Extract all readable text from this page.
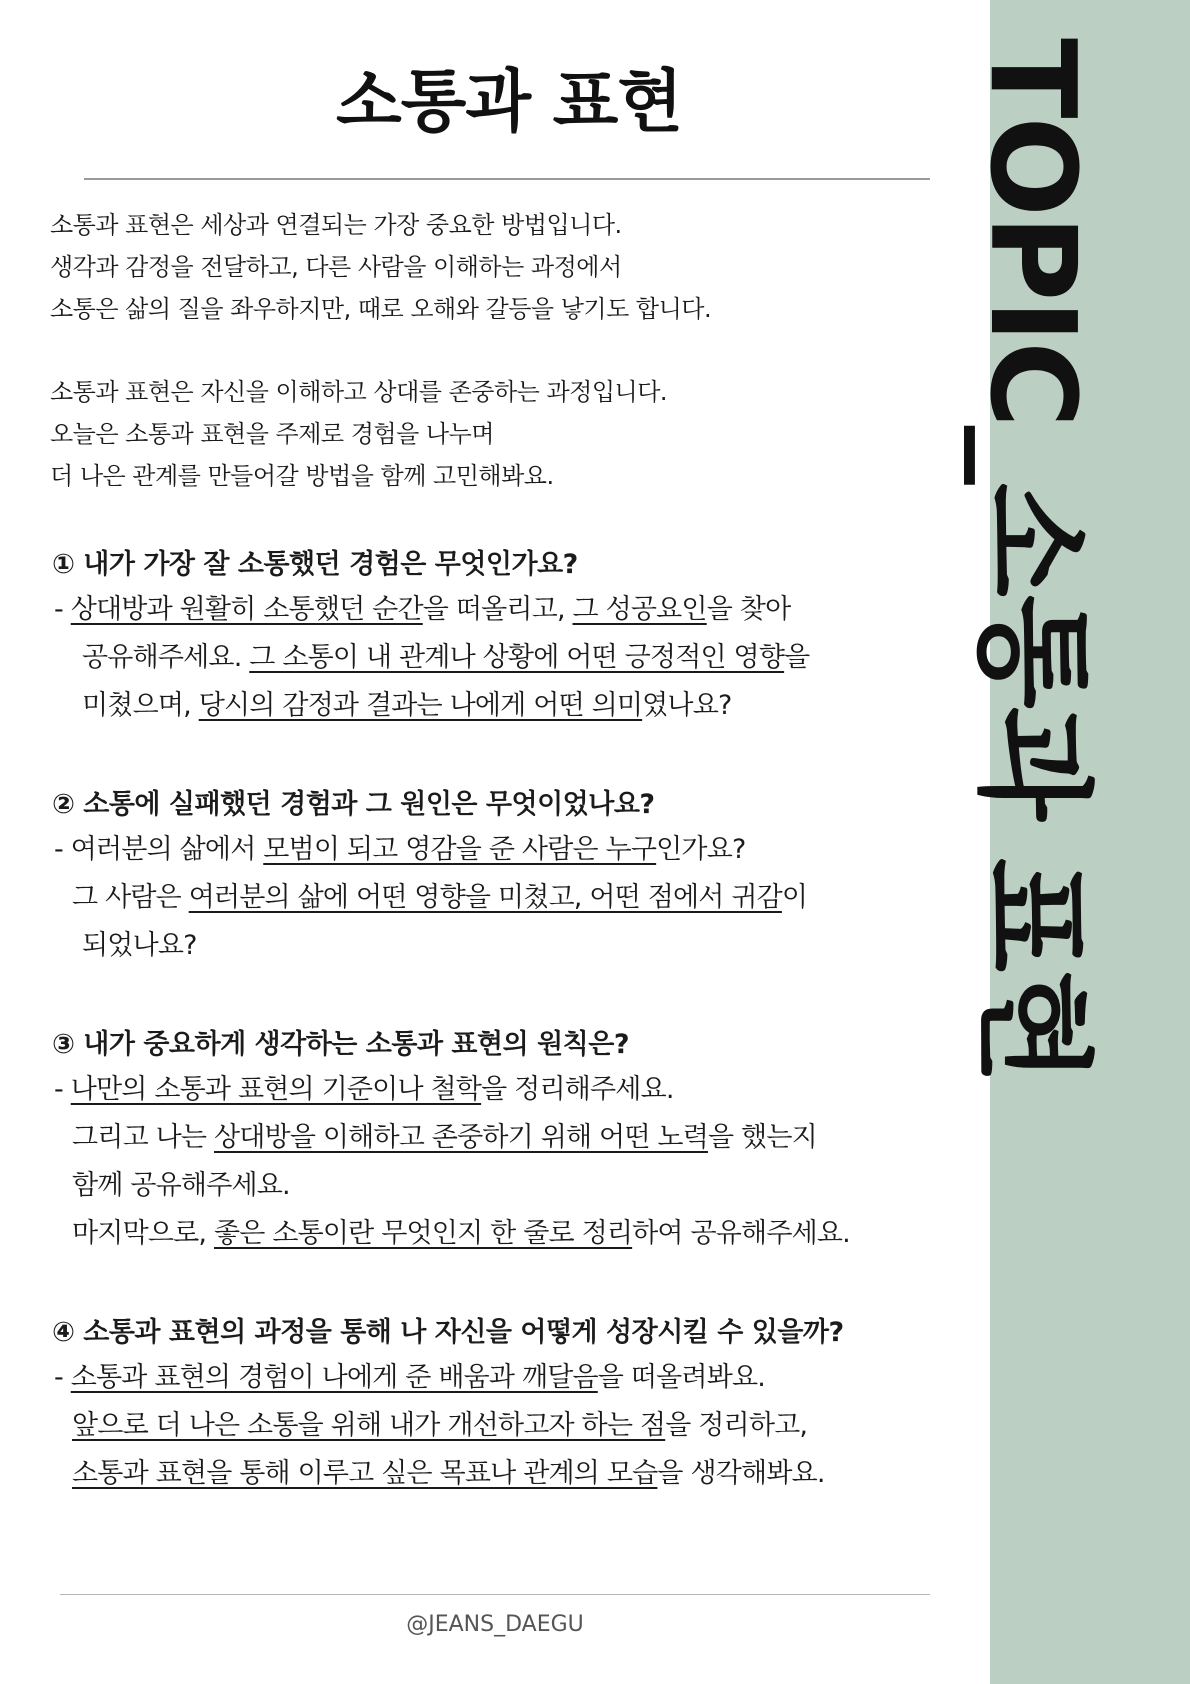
소통과 표현
소통과 표현은 세상과 연결되는 가장 중요한 방법입니다.
생각과 감정을 전달하고, 다른 사람을 이해하는 과정에서
소통은 삶의 질을 좌우하지만, 때로 오해와 갈등을 낳기도 합니다.
소통과 표현은 자신을 이해하고 상대를 존중하는 과정입니다.
오늘은 소통과 표현을 주제로 경험을 나누며
더 나은 관계를 만들어갈 방법을 함께 고민해봐요.
① 내가 가장 잘 소통했던 경험은 무엇인가요?
- 상대방과 원활히 소통했던 순간을 떠올리고, 그 성공요인을 찾아
공유해주세요. 그 소통이 내 관계나 상황에 어떤 긍정적인 영향을
미쳤으며, 당시의 감정과 결과는 나에게 어떤 의미였나요?
② 소통에 실패했던 경험과 그 원인은 무엇이었나요?
- 여러분의 삶에서 모범이 되고 영감을 준 사람은 누구인가요?
그 사람은 여러분의 삶에 어떤 영향을 미쳤고, 어떤 점에서 귀감이
되었나요?
③ 내가 중요하게 생각하는 소통과 표현의 원칙은?
- 나만의 소통과 표현의 기준이나 철학을 정리해주세요.
그리고 나는 상대방을 이해하고 존중하기 위해 어떤 노력을 했는지
함께 공유해주세요.
마지막으로, 좋은 소통이란 무엇인지 한 줄로 정리하여 공유해주세요.
④ 소통과 표현의 과정을 통해 나 자신을 어떻게 성장시킬 수 있을까?
- 소통과 표현의 경험이 나에게 준 배움과 깨달음을 떠올려봐요.
앞으로 더 나은 소통을 위해 내가 개선하고자 하는 점을 정리하고,
소통과 표현을 통해 이루고 싶은 목표나 관계의 모습을 생각해봐요.
@JEANS_DAEGU
TOPIC_소통과 표현
